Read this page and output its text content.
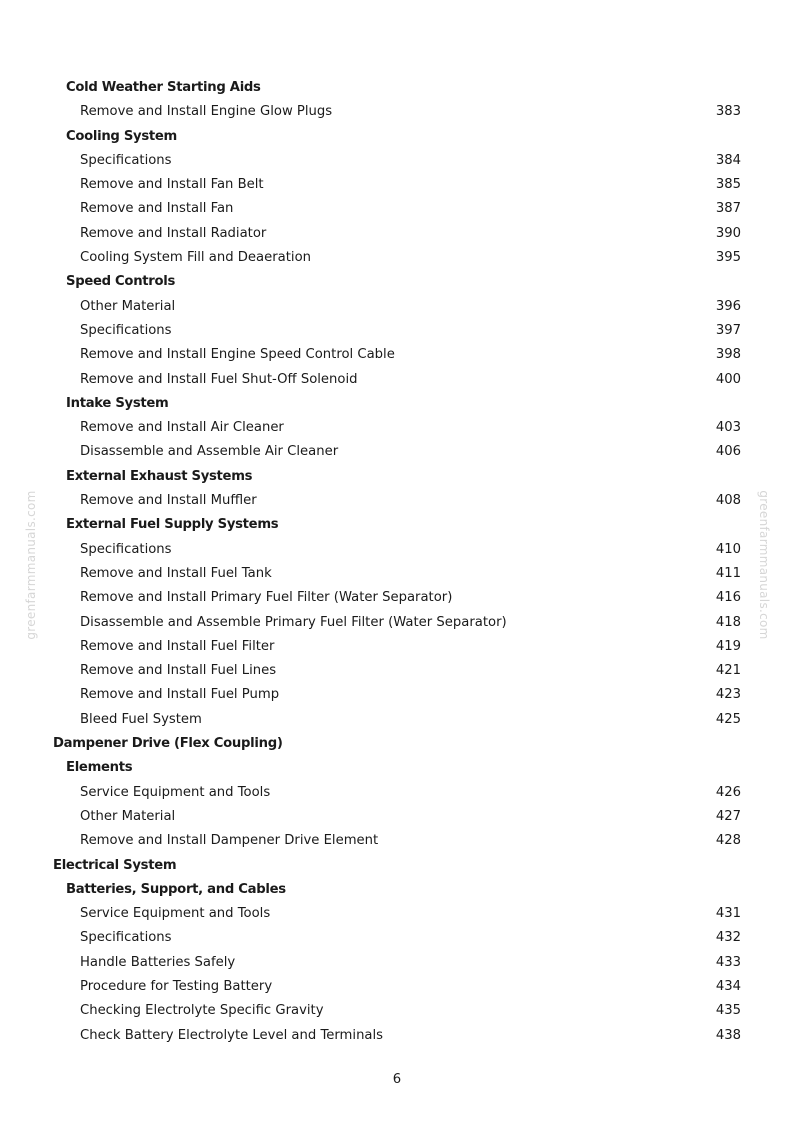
Cold Weather Starting Aids
Remove and Install Engine Glow Plugs	383
Cooling System
Specifications	384
Remove and Install Fan Belt	385
Remove and Install Fan	387
Remove and Install Radiator	390
Cooling System Fill and Deaeration	395
Speed Controls
Other Material	396
Specifications	397
Remove and Install Engine Speed Control Cable	398
Remove and Install Fuel Shut-Off Solenoid	400
Intake System
Remove and Install Air Cleaner	403
Disassemble and Assemble Air Cleaner	406
External Exhaust Systems
Remove and Install Muffler	408
External Fuel Supply Systems
Specifications	410
Remove and Install Fuel Tank	411
Remove and Install Primary Fuel Filter (Water Separator)	416
Disassemble and Assemble Primary Fuel Filter (Water Separator)	418
Remove and Install Fuel Filter	419
Remove and Install Fuel Lines	421
Remove and Install Fuel Pump	423
Bleed Fuel System	425
Dampener Drive (Flex Coupling)
Elements
Service Equipment and Tools	426
Other Material	427
Remove and Install Dampener Drive Element	428
Electrical System
Batteries, Support, and Cables
Service Equipment and Tools	431
Specifications	432
Handle Batteries Safely	433
Procedure for Testing Battery	434
Checking Electrolyte Specific Gravity	435
Check Battery Electrolyte Level and Terminals	438
greenfarmmanuals.com	greenfarmmanuals.com
6
